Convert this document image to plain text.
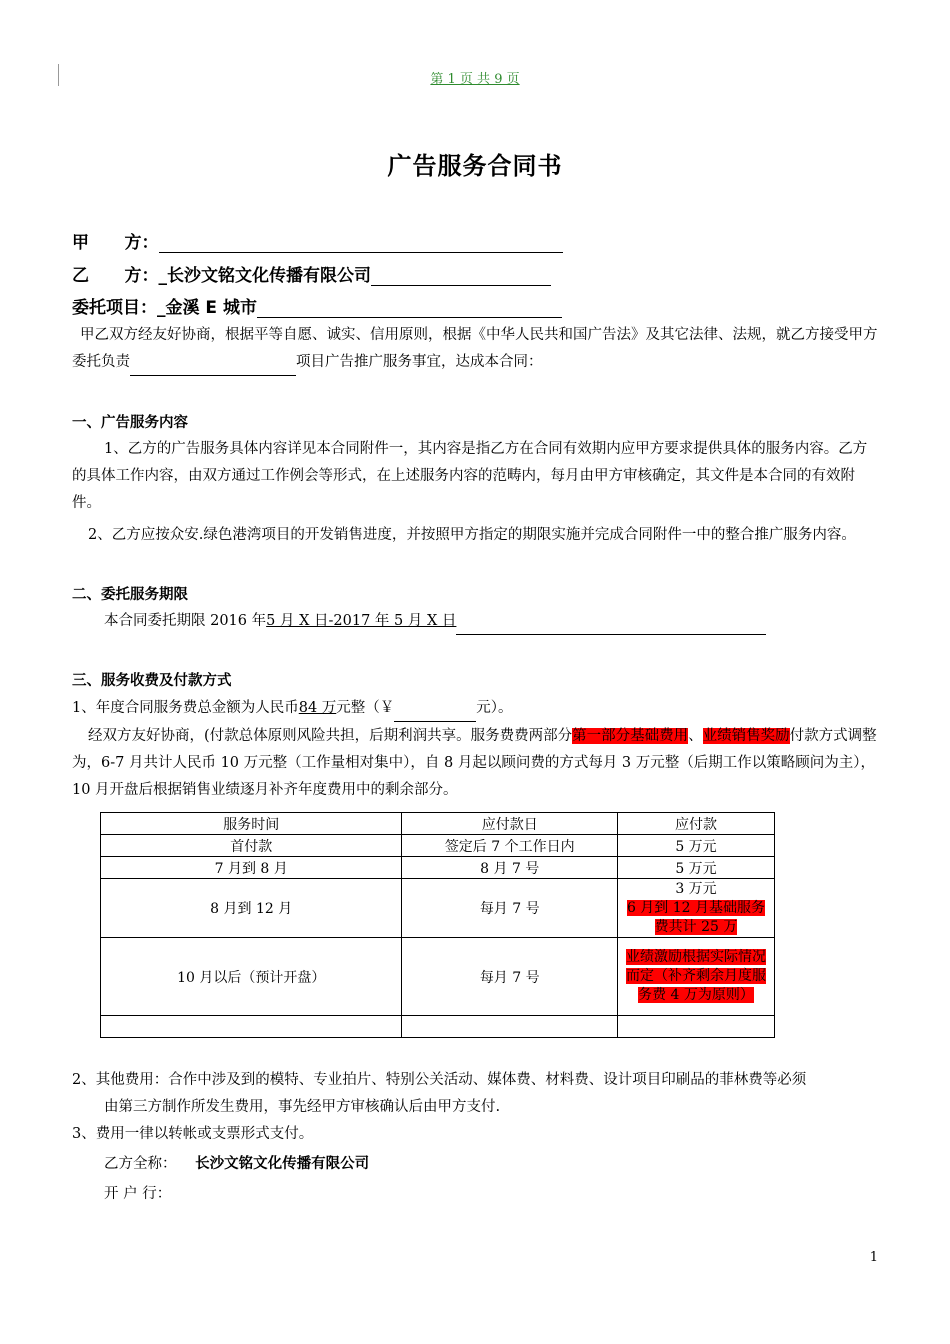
第 1 页 共 9 页
广告服务合同书
甲      方：
乙      方：_长沙文铭文化传播有限公司
委托项目：_金溪 E 城市
甲乙双方经友好协商，根据平等自愿、诚实、信用原则，根据《中华人民共和国广告法》及其它法律、法规，就乙方接受甲方委托负责	项目广告推广服务事宜，达成本合同：
一、广告服务内容
1、乙方的广告服务具体内容详见本合同附件一，其内容是指乙方在合同有效期内应甲方要求提供具体的服务内容。乙方的具体工作内容，由双方通过工作例会等形式，在上述服务内容的范畴内，每月由甲方审核确定，其文件是本合同的有效附件。
2、乙方应按众安.绿色港湾项目的开发销售进度，并按照甲方指定的期限实施并完成合同附件一中的整合推广服务内容。
二、委托服务期限
本合同委托期限 2016 年5 月 X 日-2017 年 5 月 X 日
三、服务收费及付款方式
1、年度合同服务费总金额为人民币84 万元整（￥	元）。
经双方友好协商，(付款总体原则风险共担，后期利润共享。服务费费两部分第一部分基础费用、业绩销售奖励付款方式调整为，6-7 月共计人民币 10 万元整（工作量相对集中），自 8 月起以顾问费的方式每月 3 万元整（后期工作以策略顾问为主），10 月开盘后根据销售业绩逐月补齐年度费用中的剩余部分。
服务时间	应付款日	应付款
首付款	签定后 7 个工作日内	5 万元
7 月到 8 月	8 月 7 号	5 万元
8 月到 12 月	每月 7 号	3 万元
6 月到 12 月基础服务费共计 25 万

10 月以后（预计开盘）	每月 7 号	业绩激励根据实际情况而定（补齐剩余月度服务费 4 万为原则）

2、其他费用：合作中涉及到的模特、专业拍片、特别公关活动、媒体费、材料费、设计项目印刷品的菲林费等必须
由第三方制作所发生费用，事先经甲方审核确认后由甲方支付.
3、费用一律以转帐或支票形式支付。
乙方全称： 长沙文铭文化传播有限公司
开 户 行：
1
